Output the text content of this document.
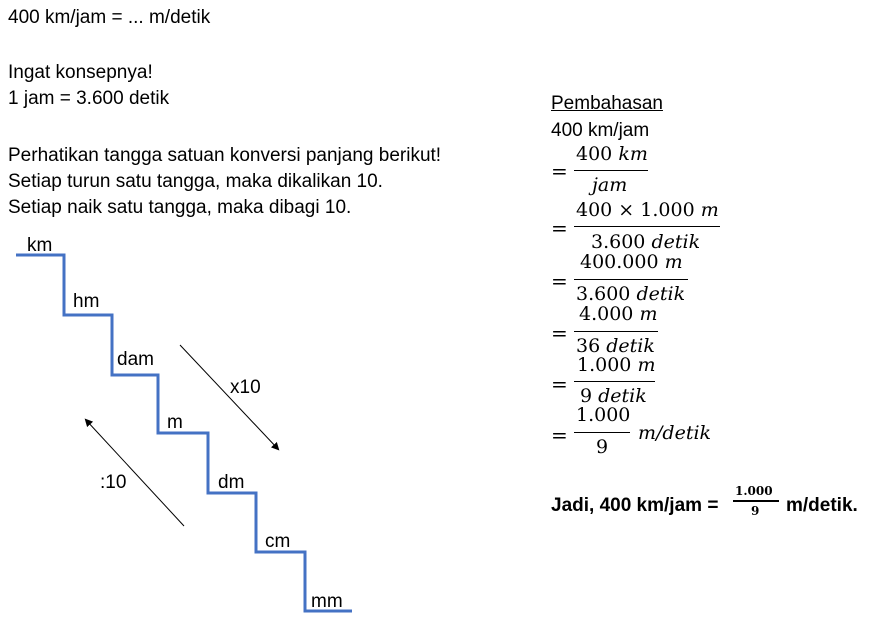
400 km/jam = ... m/detik
Ingat konsepnya!
1 jam = 3.600 detik
Perhatikan tangga satuan konversi panjang berikut!
Setiap turun satu tangga, maka dikalikan 10.
Setiap naik satu tangga, maka dibagi 10.
km
hm
dam
m
dm
cm
mm
x10
:10
Pembahasan
400 km/jam
=
400 km
jam
=
400 × 1.000 m
3.600 detik
=
400.000 m
3.600 detik
=
4.000 m
36 detik
=
1.000 m
9 detik
=
1.000
9
m/detik
Jadi, 400 km/jam =
1.000
9 m/detik.
